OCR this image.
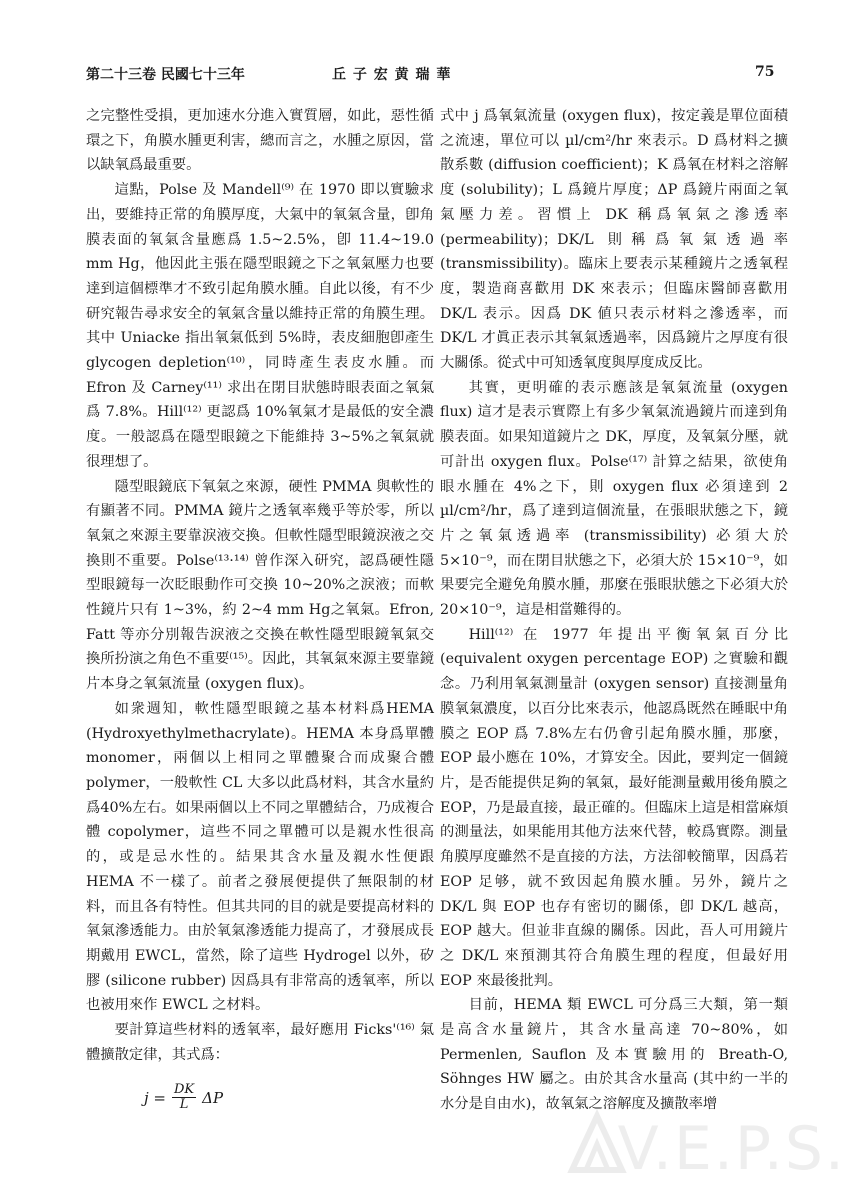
第二十三卷 民國七十三年	丘 子 宏 黄 瑞 華	75

之完整性受損，更加速水分進入實質層，如此，惡性循環之下，角膜水腫更利害，總而言之，水腫之原因，當以缺氧爲最重要。

這點，Polse 及 Mandell⁽⁹⁾ 在 1970 即以實驗求出，要維持正常的角膜厚度，大氣中的氧氣含量，卽角膜表面的氧氣含量應爲 1.5~2.5%，卽 11.4~19.0 mm Hg，他因此主張在隱型眼鏡之下之氧氣壓力也要達到這個標準才不致引起角膜水腫。自此以後，有不少研究報告尋求安全的氧氣含量以維持正常的角膜生理。其中 Uniacke 指出氧氣低到 5%時，表皮細胞卽產生 glycogen depletion⁽¹⁰⁾，同時產生表皮水腫。而 Efron 及 Carney⁽¹¹⁾ 求出在閉目狀態時眼表面之氧氣爲 7.8%。Hill⁽¹²⁾ 更認爲 10%氧氣才是最低的安全濃度。一般認爲在隱型眼鏡之下能維持 3~5%之氧氣就很理想了。

隱型眼鏡底下氧氣之來源，硬性 PMMA 與軟性的有顯著不同。PMMA 鏡片之透氧率幾乎等於零，所以氧氣之來源主要靠淚液交換。但軟性隱型眼鏡淚液之交換則不重要。Polse⁽¹³·¹⁴⁾ 曾作深入研究，認爲硬性隱型眼鏡每一次眨眼動作可交換 10~20%之淚液；而軟性鏡片只有 1~3%，約 2~4 mm Hg之氧氣。Efron, Fatt 等亦分別報告淚液之交換在軟性隱型眼鏡氧氣交換所扮演之角色不重要⁽¹⁵⁾。因此，其氧氣來源主要靠鏡片本身之氧氣流量 (oxygen flux)。

如衆週知，軟性隱型眼鏡之基本材料爲HEMA (Hydroxyethylmethacrylate)。HEMA 本身爲單體 monomer，兩個以上相同之單體聚合而成聚合體 polymer，一般軟性 CL 大多以此爲材料，其含水量約爲40%左右。如果兩個以上不同之單體結合，乃成複合體 copolymer，這些不同之單體可以是親水性很高的，或是忌水性的。結果其含水量及親水性便跟 HEMA 不一樣了。前者之發展便提供了無限制的材料，而且各有特性。但其共同的目的就是要提高材料的氧氣滲透能力。由於氧氣滲透能力提高了，才發展成長期戴用 EWCL，當然，除了這些 Hydrogel 以外，矽膠 (silicone rubber) 因爲具有非常高的透氧率，所以也被用來作 EWCL 之材料。

要計算這些材料的透氧率，最好應用 Ficks'⁽¹⁶⁾ 氣體擴散定律，其式爲：

$j = \frac{DK}{L}$ ΔP

式中 j 爲氧氣流量 (oxygen flux)，按定義是單位面積之流速，單位可以 µl/cm²/hr 來表示。D 爲材料之擴散系數 (diffusion coefficient)；K 爲氧在材料之溶解度 (solubility)；L 爲鏡片厚度；ΔP 爲鏡片兩面之氧氣壓力差。習慣上 DK 稱爲氧氣之滲透率 (permeability)；DK/L 則稱爲氧氣透過率 (transmissibility)。臨床上要表示某種鏡片之透氧程度，製造商喜歡用 DK 來表示；但臨床醫師喜歡用 DK/L 表示。因爲 DK 値只表示材料之滲透率，而 DK/L 才眞正表示其氧氣透過率，因爲鏡片之厚度有很大關係。從式中可知透氧度與厚度成反比。

其實，更明確的表示應該是氧氣流量 (oxygen flux) 這才是表示實際上有多少氧氣流過鏡片而達到角膜表面。如果知道鏡片之 DK，厚度，及氧氣分壓，就可計出 oxygen flux。Polse⁽¹⁷⁾ 計算之結果，欲使角眼水腫在 4%之下，則 oxygen flux 必須達到 2 µl/cm²/hr，爲了達到這個流量，在張眼狀態之下，鏡片之氧氣透過率 (transmissibility) 必須大於 5×10⁻⁹，而在閉目狀態之下，必須大於 15×10⁻⁹，如果要完全避免角膜水腫，那麼在張眼狀態之下必須大於 20×10⁻⁹，這是相當難得的。

Hill⁽¹²⁾ 在 1977 年提出平衡氧氣百分比 (equivalent oxygen percentage EOP) 之實驗和觀念。乃利用氧氣測量計 (oxygen sensor) 直接測量角膜氧氣濃度，以百分比來表示，他認爲既然在睡眠中角膜之 EOP 爲 7.8%左右仍會引起角膜水腫，那麼，EOP 最小應在 10%，才算安全。因此，要判定一個鏡片，是否能提供足夠的氧氣，最好能測量戴用後角膜之 EOP，乃是最直接，最正確的。但臨床上這是相當麻煩的測量法，如果能用其他方法來代替，較爲實際。測量角膜厚度雖然不是直接的方法，方法卻較簡單，因爲若 EOP 足够，就不致因起角膜水腫。另外，鏡片之 DK/L 與 EOP 也存有密切的關係，卽 DK/L 越高，EOP 越大。但並非直線的關係。因此，吾人可用鏡片之 DK/L 來預測其符合角膜生理的程度，但最好用 EOP 來最後批判。

目前，HEMA 類 EWCL 可分爲三大類，第一類是高含水量鏡片，其含水量高達 70~80%，如 Permenlen, Sauflon 及本實驗用的 Breath-O, Söhnges HW 屬之。由於其含水量高 (其中約一半的水分是自由水)，故氧氣之溶解度及擴散率增

V.E.P.S.
